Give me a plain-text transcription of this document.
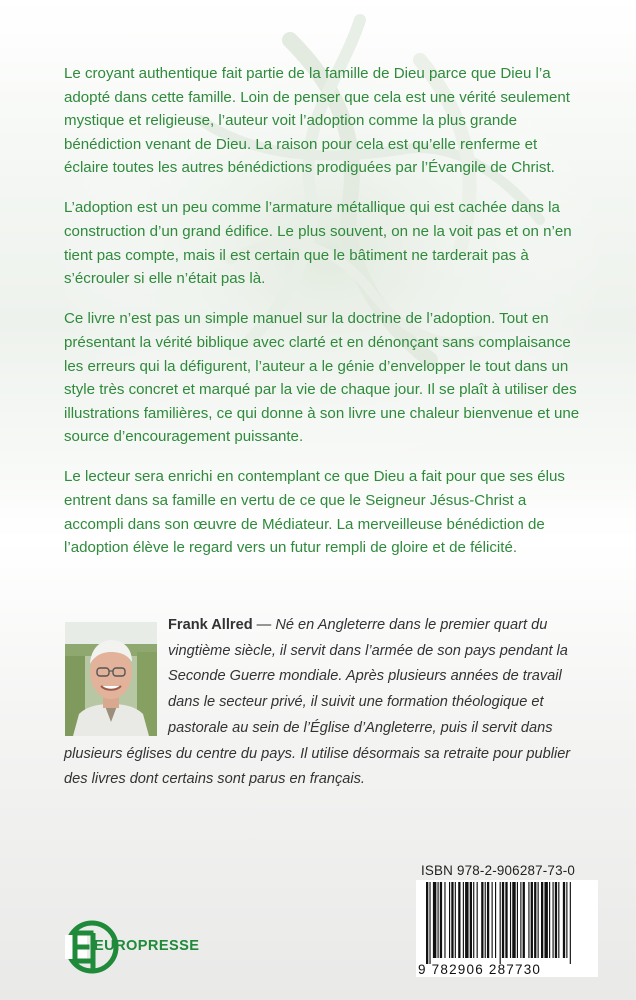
Le croyant authentique fait partie de la famille de Dieu parce que Dieu l’a adopté dans cette famille. Loin de penser que cela est une vérité seulement mystique et religieuse, l’auteur voit l’adoption comme la plus grande bénédiction venant de Dieu. La raison pour cela est qu’elle renferme et éclaire toutes les autres bénédictions prodiguées par l’Évangile de Christ.

L’adoption est un peu comme l’armature métallique qui est cachée dans la construction d’un grand édifice. Le plus souvent, on ne la voit pas et on n’en tient pas compte, mais il est certain que le bâtiment ne tarderait pas à s’écrouler si elle n’était pas là.

Ce livre n’est pas un simple manuel sur la doctrine de l’adoption. Tout en présentant la vérité biblique avec clarté et en dénonçant sans complaisance les erreurs qui la défigurent, l’auteur a le génie d’envelopper le tout dans un style très concret et marqué par la vie de chaque jour. Il se plaît à utiliser des illustrations familières, ce qui donne à son livre une chaleur bienvenue et une source d’encouragement puissante.

Le lecteur sera enrichi en contemplant ce que Dieu a fait pour que ses élus entrent dans sa famille en vertu de ce que le Seigneur Jésus-Christ a accompli dans son œuvre de Médiateur. La merveilleuse bénédiction de l’adoption élève le regard vers un futur rempli de gloire et de félicité.

Frank Allred — Né en Angleterre dans le premier quart du vingtième siècle, il servit dans l’armée de son pays pendant la Seconde Guerre mondiale. Après plusieurs années de travail dans le secteur privé, il suivit une formation théologique et pastorale au sein de l’Église d’Angleterre, puis il servit dans plusieurs églises du centre du pays. Il utilise désormais sa retraite pour publier des livres dont certains sont parus en français.
ISBN 978-2-906287-73-0
9 782906 287730
EUROPRESSE
